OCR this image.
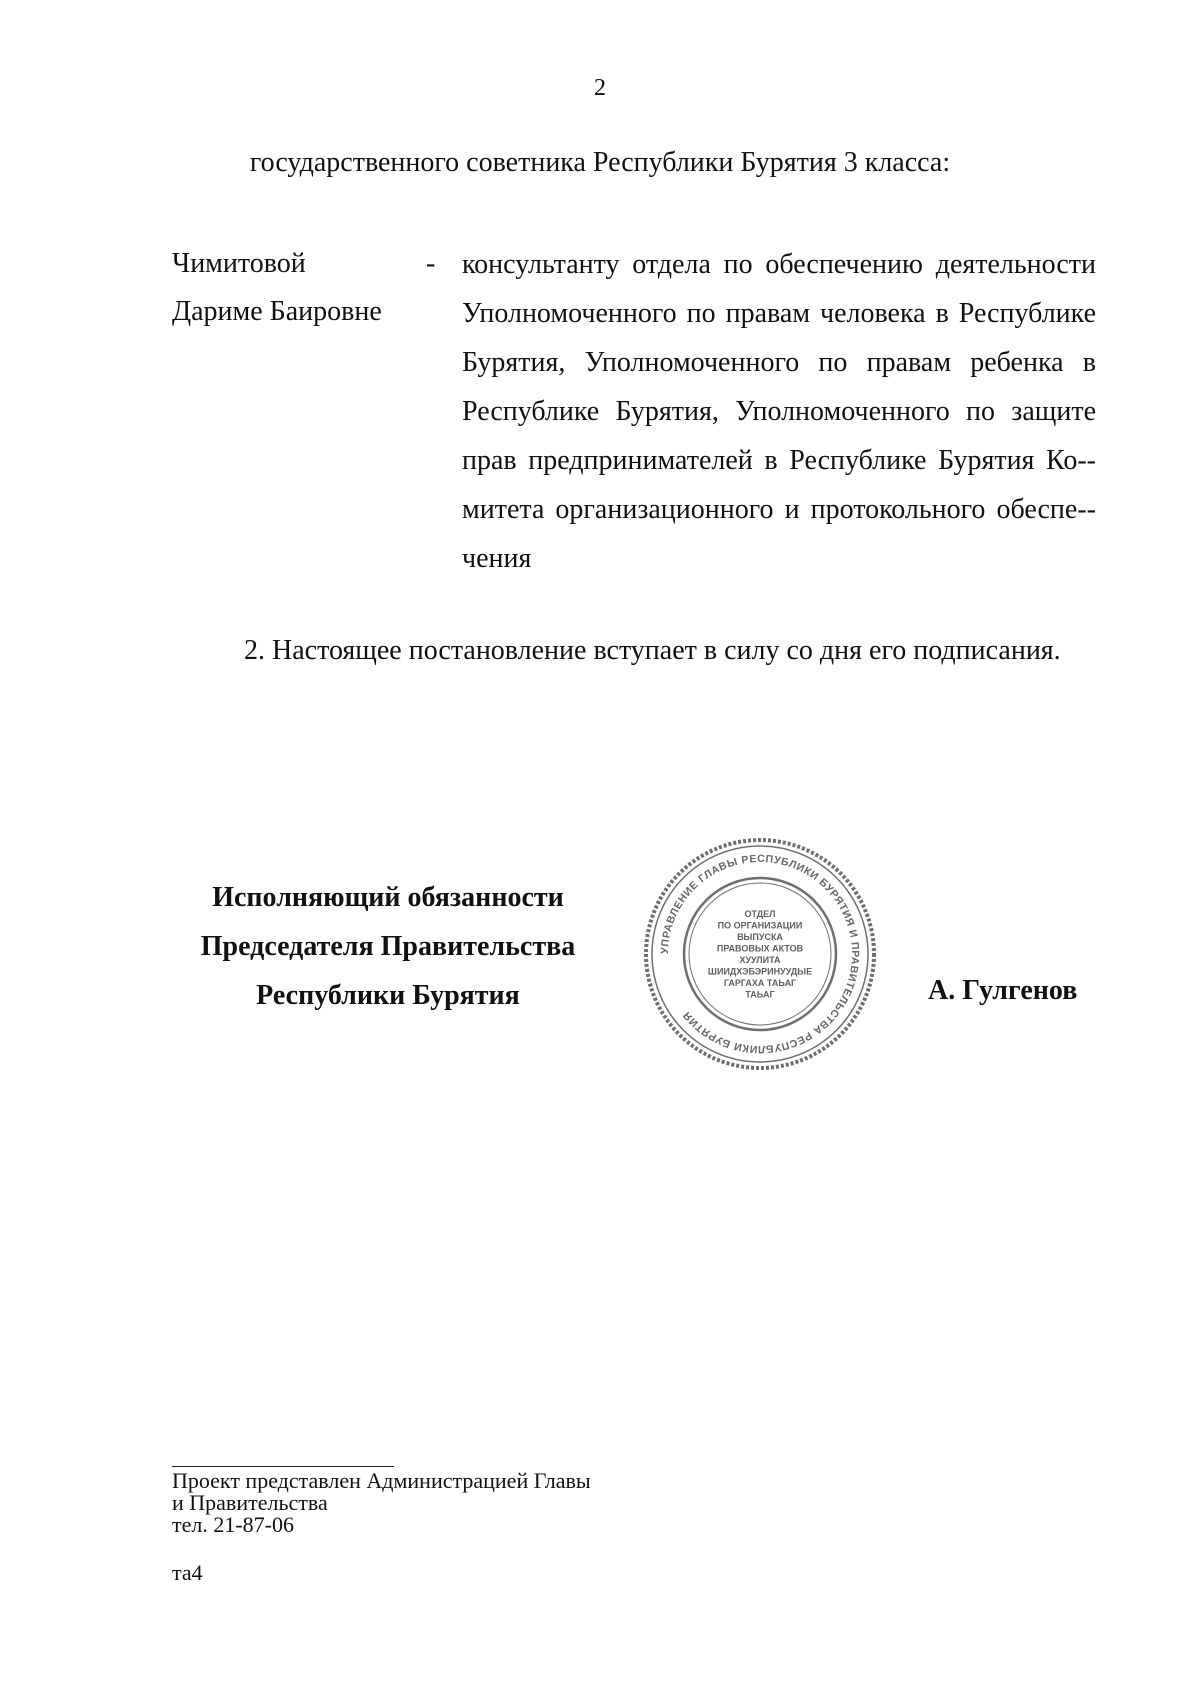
2
государственного советника Республики Бурятия 3 класса:
Чимитовой
Дариме Баировне
- консультанту отдела по обеспечению деятельности Уполномоченного по правам человека в Республике Бурятия, Уполномоченного по правам ребенка в Республике Бурятия, Уполномоченного по защите прав предпринимателей в Республике Бурятия Ко-митета организационного и протокольного обеспе-чения
2. Настоящее постановление вступает в силу со дня его подписания.
Исполняющий обязанности
Председателя Правительства
Республики Бурятия	А. Гулгенов
УПРАВЛЕНИЕ ГЛАВЫ РЕСПУБЛИКИ БУРЯТИЯ И ПРАВИТЕЛЬСТВА РЕСПУБЛИКИ БУРЯТИЯ
ОТДЕЛ
ПО ОРГАНИЗАЦИИ
ВЫПУСКА
ПРАВОВЫХ АКТОВ
ХУУЛИТА
ШИИДХЭБЭРИНУУДЫЕ
ГАРГАХА ТАЬАГ
ТАЬАГ
Проект представлен Администрацией Главы
и Правительства
тел. 21-87-06
та4
